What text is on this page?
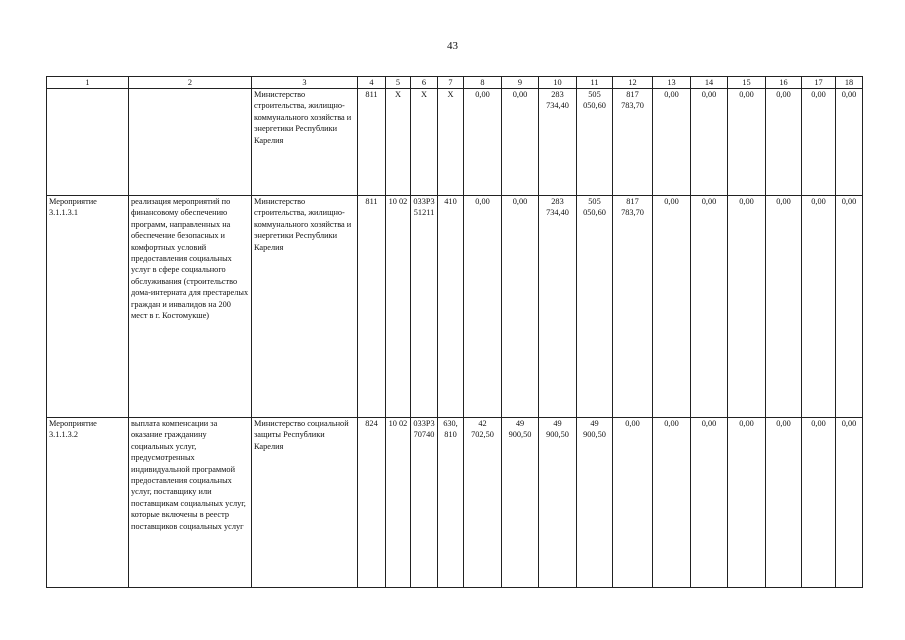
43
1	2	3	4	5	6	7	8	9	10	11	12	13	14	15	16	17	18
		Министерство строительства, жилищно-коммунального хозяйства и энергетики Республики Карелия	811	Х	Х	Х	0,00	0,00	283 734,40	505 050,60	817 783,70	0,00	0,00	0,00	0,00	0,00	0,00
Мероприятие 3.1.1.3.1	реализация мероприятий по финансовому обеспечению программ, направленных на обеспечение безопасных и комфортных условий предоставления социальных услуг в сфере социального обслуживания (строительство дома-интерната для престарелых граждан и инвалидов на 200 мест в г. Костомукше)	Министерство строительства, жилищно-коммунального хозяйства и энергетики Республики Карелия	811	10 02	033Р3 51211	410	0,00	0,00	283 734,40	505 050,60	817 783,70	0,00	0,00	0,00	0,00	0,00	0,00
Мероприятие 3.1.1.3.2	выплата компенсации за оказание гражданину социальных услуг, предусмотренных индивидуальной программой предоставления социальных услуг, поставщику или поставщикам социальных услуг, которые включены в реестр поставщиков социальных услуг	Министерство социальной защиты Республики Карелия	824	10 02	033Р3 70740	630, 810	42 702,50	49 900,50	49 900,50	49 900,50	0,00	0,00	0,00	0,00	0,00	0,00	0,00
